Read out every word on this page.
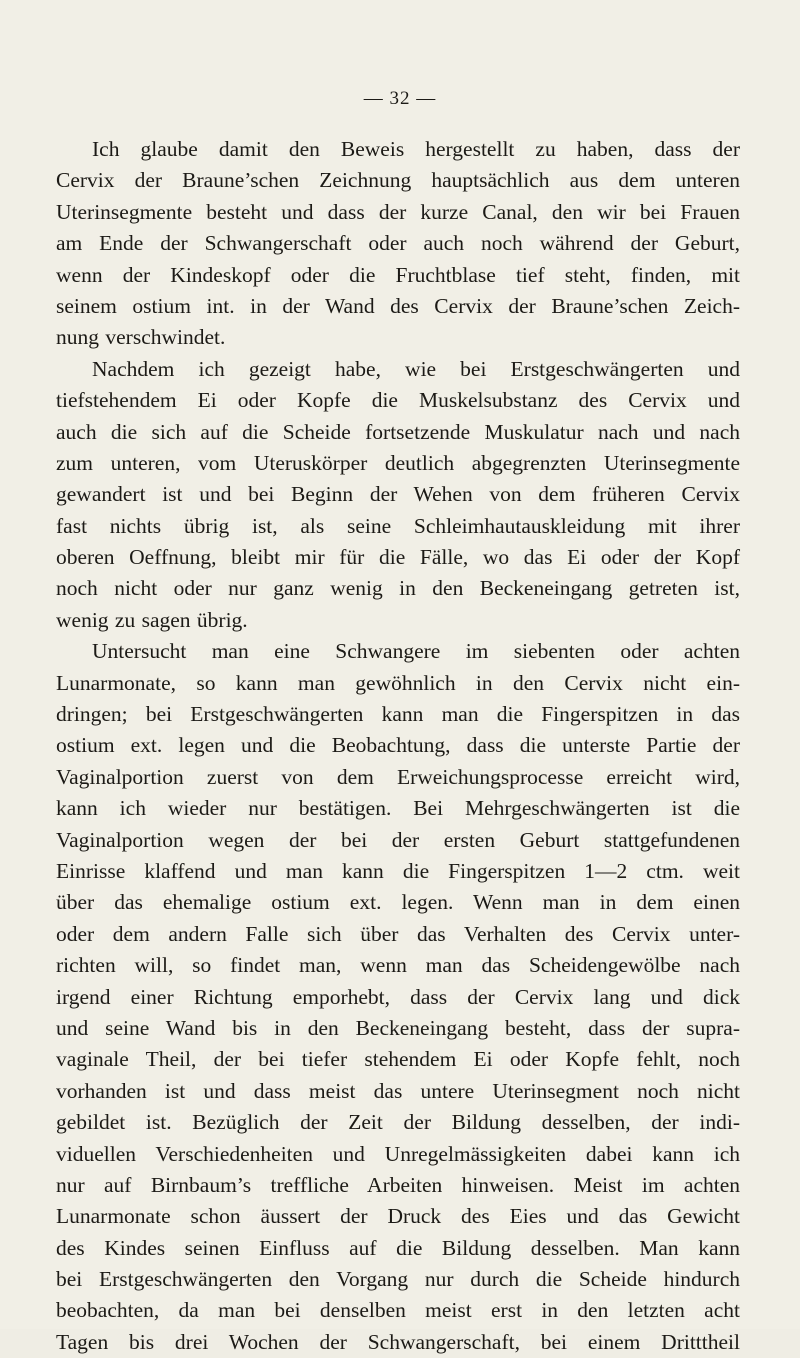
— 32 —
Ich glaube damit den Beweis hergestellt zu haben, dass der
Cervix der Braune’schen Zeichnung hauptsächlich aus dem unteren
Uterinsegmente besteht und dass der kurze Canal, den wir bei Frauen
am Ende der Schwangerschaft oder auch noch während der Geburt,
wenn der Kindeskopf oder die Fruchtblase tief steht, finden, mit
seinem ostium int. in der Wand des Cervix der Braune’schen Zeich-
nung verschwindet.
Nachdem ich gezeigt habe, wie bei Erstgeschwängerten und
tiefstehendem Ei oder Kopfe die Muskelsubstanz des Cervix und
auch die sich auf die Scheide fortsetzende Muskulatur nach und nach
zum unteren, vom Uteruskörper deutlich abgegrenzten Uterinsegmente
gewandert ist und bei Beginn der Wehen von dem früheren Cervix
fast nichts übrig ist, als seine Schleimhautauskleidung mit ihrer
oberen Oeffnung, bleibt mir für die Fälle, wo das Ei oder der Kopf
noch nicht oder nur ganz wenig in den Beckeneingang getreten ist,
wenig zu sagen übrig.
Untersucht man eine Schwangere im siebenten oder achten
Lunarmonate, so kann man gewöhnlich in den Cervix nicht ein-
dringen; bei Erstgeschwängerten kann man die Fingerspitzen in das
ostium ext. legen und die Beobachtung, dass die unterste Partie der
Vaginalportion zuerst von dem Erweichungsprocesse erreicht wird,
kann ich wieder nur bestätigen. Bei Mehrgeschwängerten ist die
Vaginalportion wegen der bei der ersten Geburt stattgefundenen
Einrisse klaffend und man kann die Fingerspitzen 1—2 ctm. weit
über das ehemalige ostium ext. legen. Wenn man in dem einen
oder dem andern Falle sich über das Verhalten des Cervix unter-
richten will, so findet man, wenn man das Scheidengewölbe nach
irgend einer Richtung emporhebt, dass der Cervix lang und dick
und seine Wand bis in den Beckeneingang besteht, dass der supra-
vaginale Theil, der bei tiefer stehendem Ei oder Kopfe fehlt, noch
vorhanden ist und dass meist das untere Uterinsegment noch nicht
gebildet ist. Bezüglich der Zeit der Bildung desselben, der indi-
viduellen Verschiedenheiten und Unregelmässigkeiten dabei kann ich
nur auf Birnbaum’s treffliche Arbeiten hinweisen. Meist im achten
Lunarmonate schon äussert der Druck des Eies und das Gewicht
des Kindes seinen Einfluss auf die Bildung desselben. Man kann
bei Erstgeschwängerten den Vorgang nur durch die Scheide hindurch
beobachten, da man bei denselben meist erst in den letzten acht
Tagen bis drei Wochen der Schwangerschaft, bei einem Dritttheil
